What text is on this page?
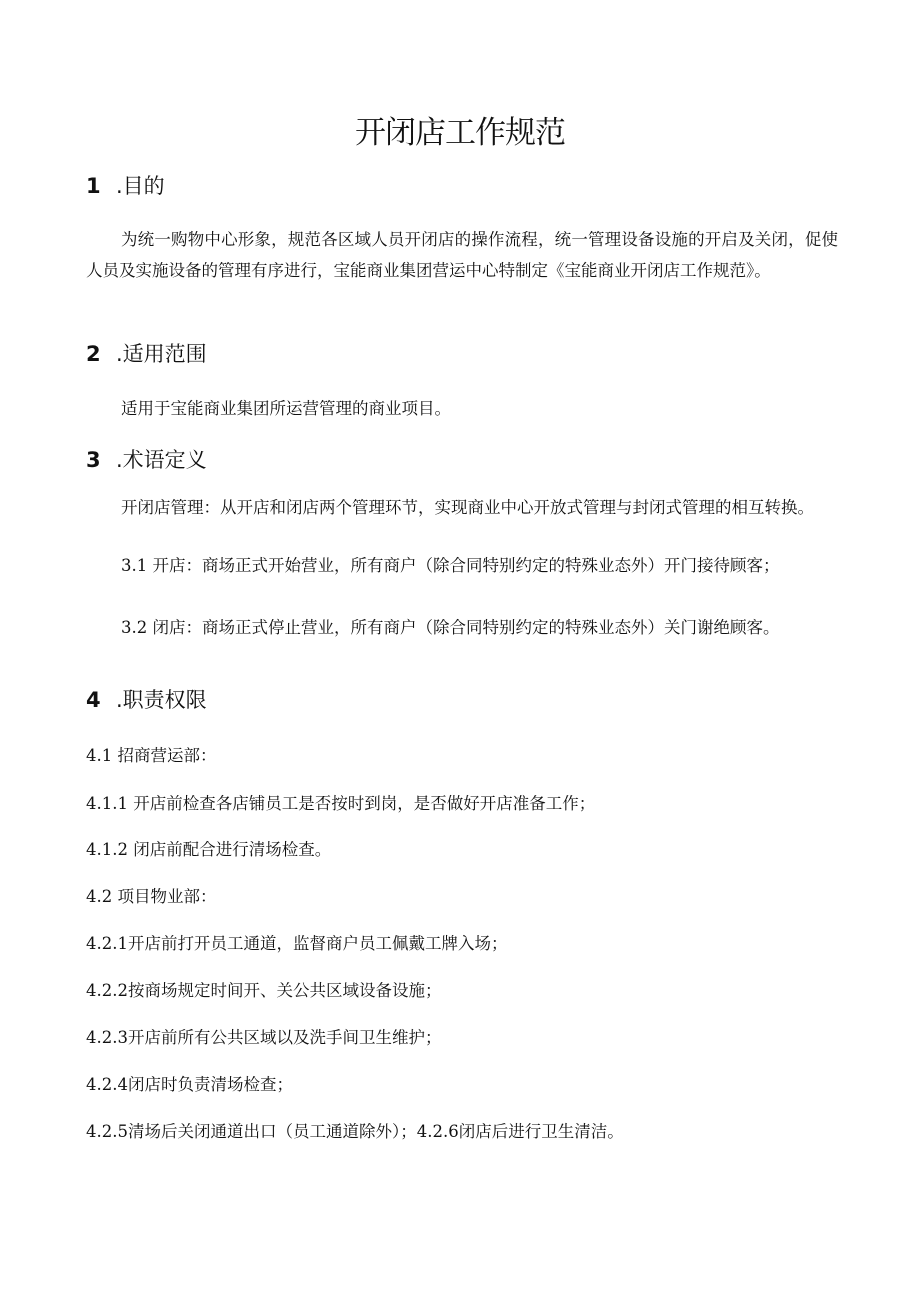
开闭店工作规范
1 .目的

为统一购物中心形象，规范各区域人员开闭店的操作流程，统一管理设备设施的开启及关闭，促使人员及实施设备的管理有序进行，宝能商业集团营运中心特制定《宝能商业开闭店工作规范》。

2 .适用范围

适用于宝能商业集团所运营管理的商业项目。

3 .术语定义

开闭店管理：从开店和闭店两个管理环节，实现商业中心开放式管理与封闭式管理的相互转换。

3.1 开店：商场正式开始营业，所有商户（除合同特别约定的特殊业态外）开门接待顾客；

3.2 闭店：商场正式停止营业，所有商户（除合同特别约定的特殊业态外）关门谢绝顾客。

4 .职责权限

4.1 招商营运部：

4.1.1 开店前检查各店铺员工是否按时到岗，是否做好开店准备工作；

4.1.2 闭店前配合进行清场检查。

4.2 项目物业部：

4.2.1开店前打开员工通道，监督商户员工佩戴工牌入场；

4.2.2按商场规定时间开、关公共区域设备设施；

4.2.3开店前所有公共区域以及洗手间卫生维护；

4.2.4闭店时负责清场检查；

4.2.5清场后关闭通道出口（员工通道除外）；4.2.6闭店后进行卫生清洁。
